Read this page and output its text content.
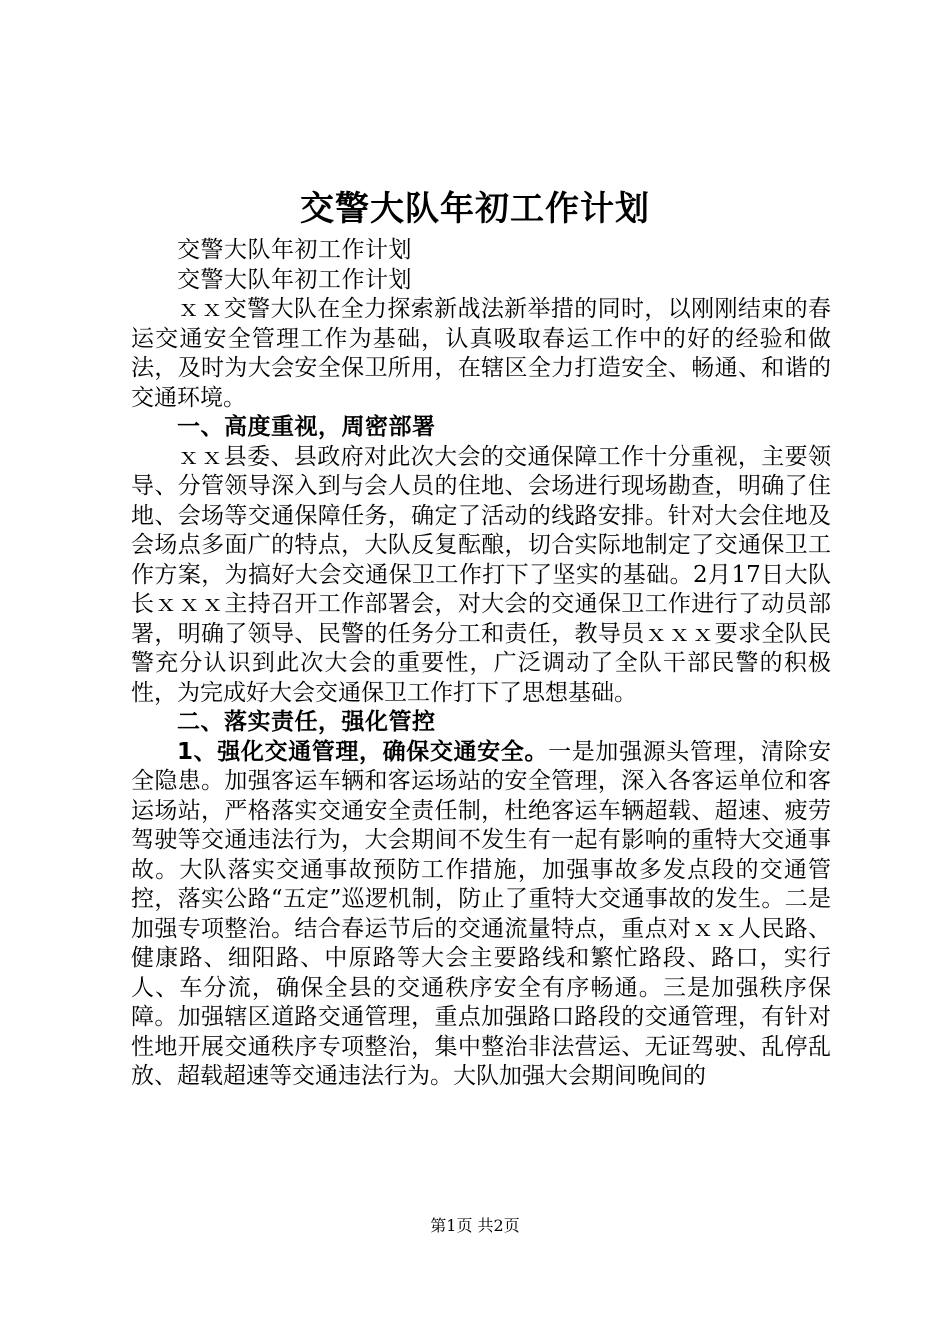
交警大队年初工作计划

交警大队年初工作计划

交警大队年初工作计划

ｘｘ交警大队在全力探索新战法新举措的同时，以刚刚结束的春运交通安全管理工作为基础，认真吸取春运工作中的好的经验和做法，及时为大会安全保卫所用，在辖区全力打造安全、畅通、和谐的交通环境。

一、高度重视，周密部署

ｘｘ县委、县政府对此次大会的交通保障工作十分重视，主要领导、分管领导深入到与会人员的住地、会场进行现场勘查，明确了住地、会场等交通保障任务，确定了活动的线路安排。针对大会住地及会场点多面广的特点，大队反复酝酿，切合实际地制定了交通保卫工作方案，为搞好大会交通保卫工作打下了坚实的基础。2月17日大队长ｘｘｘ主持召开工作部署会，对大会的交通保卫工作进行了动员部署，明确了领导、民警的任务分工和责任，教导员ｘｘｘ要求全队民警充分认识到此次大会的重要性，广泛调动了全队干部民警的积极性，为完成好大会交通保卫工作打下了思想基础。

二、落实责任，强化管控

1、强化交通管理，确保交通安全。一是加强源头管理，清除安全隐患。加强客运车辆和客运场站的安全管理，深入各客运单位和客运场站，严格落实交通安全责任制，杜绝客运车辆超载、超速、疲劳驾驶等交通违法行为，大会期间不发生有一起有影响的重特大交通事故。大队落实交通事故预防工作措施，加强事故多发点段的交通管控，落实公路“五定”巡逻机制，防止了重特大交通事故的发生。二是加强专项整治。结合春运节后的交通流量特点，重点对ｘｘ人民路、健康路、细阳路、中原路等大会主要路线和繁忙路段、路口，实行人、车分流，确保全县的交通秩序安全有序畅通。三是加强秩序保障。加强辖区道路交通管理，重点加强路口路段的交通管理，有针对性地开展交通秩序专项整治，集中整治非法营运、无证驾驶、乱停乱放、超载超速等交通违法行为。大队加强大会期间晚间的

第1页 共2页
